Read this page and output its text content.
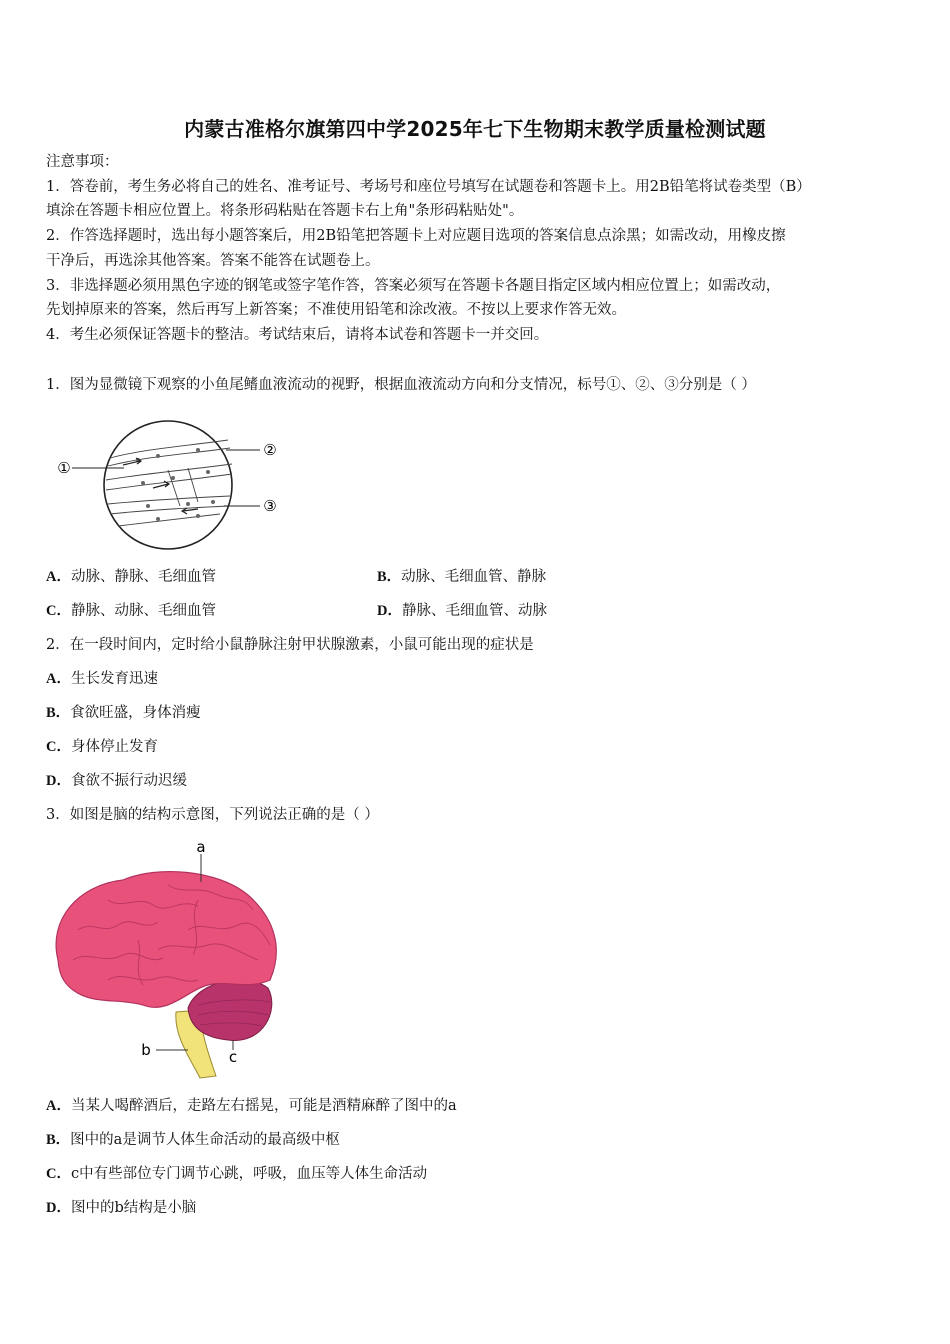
内蒙古准格尔旗第四中学2025年七下生物期末教学质量检测试题
注意事项：
1．答卷前，考生务必将自己的姓名、准考证号、考场号和座位号填写在试题卷和答题卡上。用2B铅笔将试卷类型（B）
填涂在答题卡相应位置上。将条形码粘贴在答题卡右上角"条形码粘贴处"。
2．作答选择题时，选出每小题答案后，用2B铅笔把答题卡上对应题目选项的答案信息点涂黑；如需改动，用橡皮擦
干净后，再选涂其他答案。答案不能答在试题卷上。
3．非选择题必须用黑色字迹的钢笔或签字笔作答，答案必须写在答题卡各题目指定区域内相应位置上；如需改动，
先划掉原来的答案，然后再写上新答案；不准使用铅笔和涂改液。不按以上要求作答无效。
4．考生必须保证答题卡的整洁。考试结束后，请将本试卷和答题卡一并交回。
1．图为显微镜下观察的小鱼尾鳍血液流动的视野，根据血液流动方向和分支情况，标号①、②、③分别是（ ）
①
②
③
A．动脉、静脉、毛细血管	B．动脉、毛细血管、静脉
C．静脉、动脉、毛细血管	D．静脉、毛细血管、动脉
2．在一段时间内，定时给小鼠静脉注射甲状腺激素，小鼠可能出现的症状是
A．生长发育迅速
B．食欲旺盛，身体消瘦
C．身体停止发育
D．食欲不振行动迟缓
3．如图是脑的结构示意图，下列说法正确的是（ ）
a
b	c
A．当某人喝醉酒后，走路左右摇晃，可能是酒精麻醉了图中的a
B．图中的a是调节人体生命活动的最高级中枢
C．c中有些部位专门调节心跳，呼吸，血压等人体生命活动
D．图中的b结构是小脑
